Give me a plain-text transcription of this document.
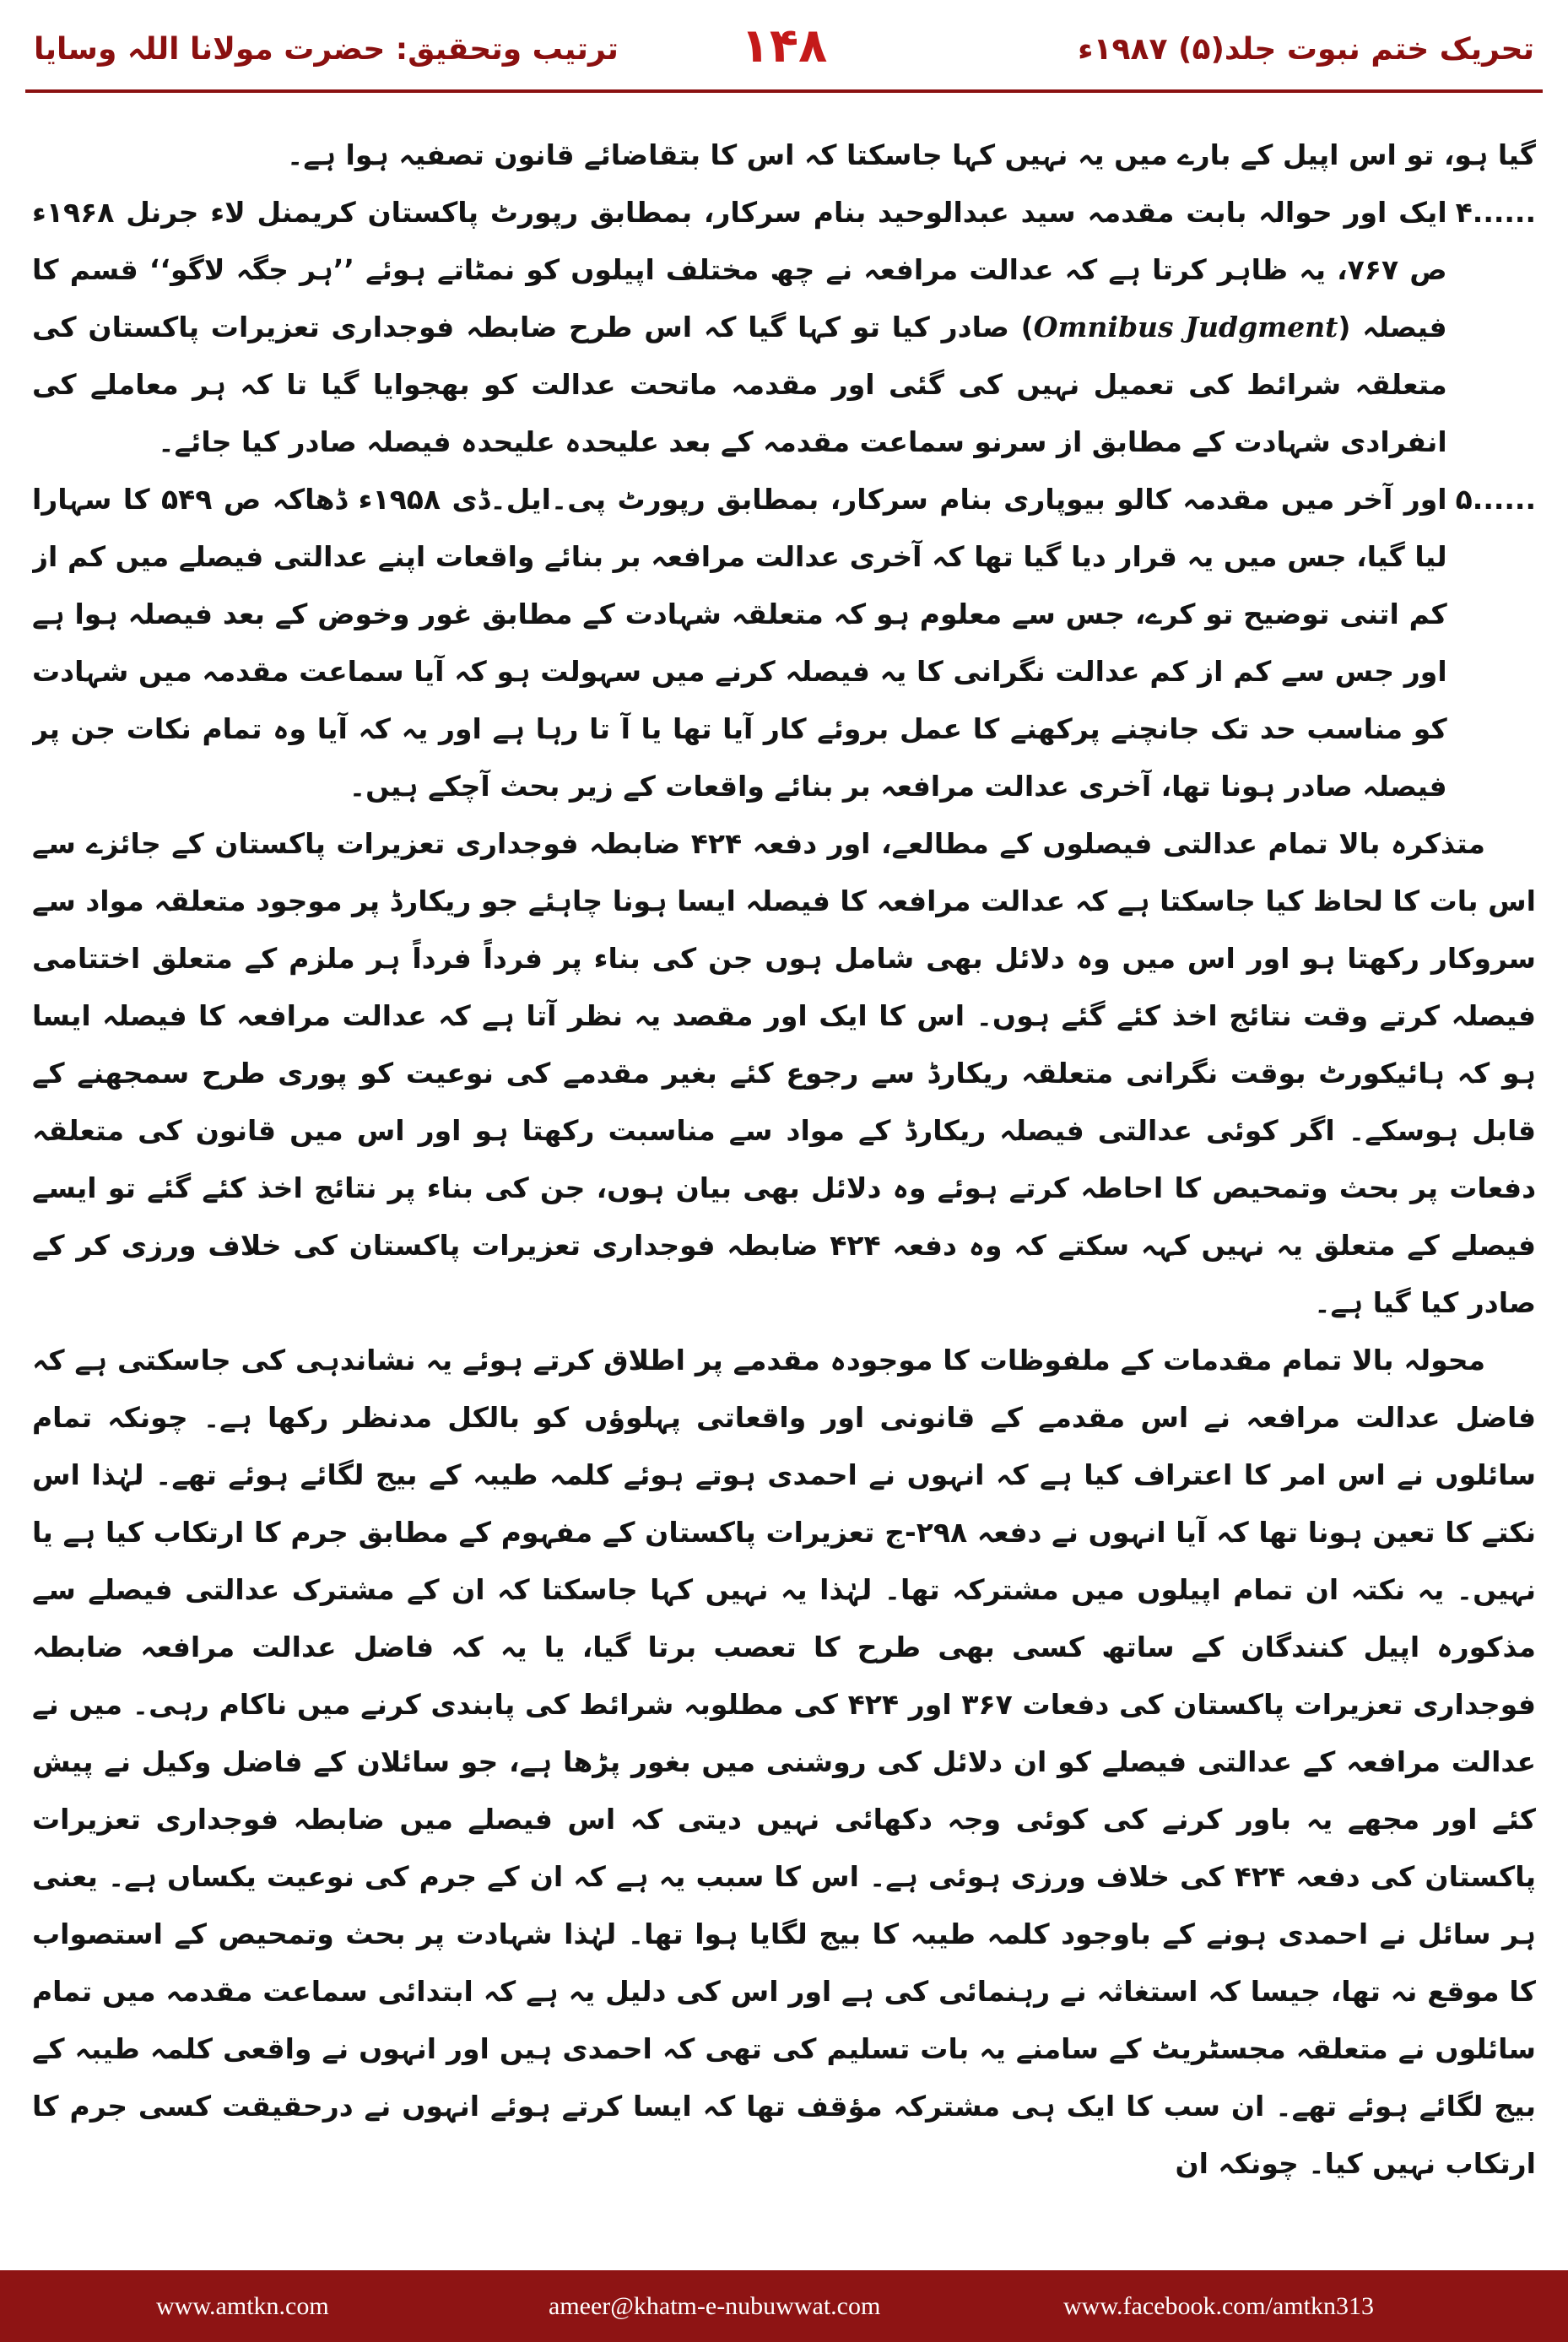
تحریک ختم نبوت جلد(۵) ۱۹۸۷ء
۱۴۸
ترتیب وتحقیق: حضرت مولانا اللہ وسایا

گیا ہو، تو اس اپیل کے بارے میں یہ نہیں کہا جاسکتا کہ اس کا بتقاضائے قانون تصفیہ ہوا ہے۔

۴......

ایک اور حوالہ بابت مقدمہ سید عبدالوحید بنام سرکار، بمطابق رپورٹ پاکستان کریمنل لاء جرنل ۱۹۶۸ء ص ۷۶۷، یہ ظاہر کرتا ہے کہ عدالت مرافعہ نے چھ مختلف اپیلوں کو نمٹاتے ہوئے ’’ہر جگہ لاگو‘‘ قسم کا فیصلہ (Omnibus Judgment) صادر کیا تو کہا گیا کہ اس طرح ضابطہ فوجداری تعزیرات پاکستان کی متعلقہ شرائط کی تعمیل نہیں کی گئی اور مقدمہ ماتحت عدالت کو بھجوایا گیا تا کہ ہر معاملے کی انفرادی شہادت کے مطابق از سرنو سماعت مقدمہ کے بعد علیحدہ علیحدہ فیصلہ صادر کیا جائے۔

۵......

اور آخر میں مقدمہ کالو بیوپاری بنام سرکار، بمطابق رپورٹ پی۔ایل۔ڈی ۱۹۵۸ء ڈھاکہ ص ۵۴۹ کا سہارا لیا گیا، جس میں یہ قرار دیا گیا تھا کہ آخری عدالت مرافعہ بر بنائے واقعات اپنے عدالتی فیصلے میں کم از کم اتنی توضیح تو کرے، جس سے معلوم ہو کہ متعلقہ شہادت کے مطابق غور وخوض کے بعد فیصلہ ہوا ہے اور جس سے کم از کم عدالت نگرانی کا یہ فیصلہ کرنے میں سہولت ہو کہ آیا سماعت مقدمہ میں شہادت کو مناسب حد تک جانچنے پرکھنے کا عمل بروئے کار آیا تھا یا آ تا رہا ہے اور یہ کہ آیا وہ تمام نکات جن پر فیصلہ صادر ہونا تھا، آخری عدالت مرافعہ بر بنائے واقعات کے زیر بحث آچکے ہیں۔

متذکرہ بالا تمام عدالتی فیصلوں کے مطالعے، اور دفعہ ۴۲۴ ضابطہ فوجداری تعزیرات پاکستان کے جائزے سے اس بات کا لحاظ کیا جاسکتا ہے کہ عدالت مرافعہ کا فیصلہ ایسا ہونا چاہئے جو ریکارڈ پر موجود متعلقہ مواد سے سروکار رکھتا ہو اور اس میں وہ دلائل بھی شامل ہوں جن کی بناء پر فرداً فرداً ہر ملزم کے متعلق اختتامی فیصلہ کرتے وقت نتائج اخذ کئے گئے ہوں۔ اس کا ایک اور مقصد یہ نظر آتا ہے کہ عدالت مرافعہ کا فیصلہ ایسا ہو کہ ہائیکورٹ بوقت نگرانی متعلقہ ریکارڈ سے رجوع کئے بغیر مقدمے کی نوعیت کو پوری طرح سمجھنے کے قابل ہوسکے۔ اگر کوئی عدالتی فیصلہ ریکارڈ کے مواد سے مناسبت رکھتا ہو اور اس میں قانون کی متعلقہ دفعات پر بحث وتمحیص کا احاطہ کرتے ہوئے وہ دلائل بھی بیان ہوں، جن کی بناء پر نتائج اخذ کئے گئے تو ایسے فیصلے کے متعلق یہ نہیں کہہ سکتے کہ وہ دفعہ ۴۲۴ ضابطہ فوجداری تعزیرات پاکستان کی خلاف ورزی کر کے صادر کیا گیا ہے۔

محولہ بالا تمام مقدمات کے ملفوظات کا موجودہ مقدمے پر اطلاق کرتے ہوئے یہ نشاندہی کی جاسکتی ہے کہ فاضل عدالت مرافعہ نے اس مقدمے کے قانونی اور واقعاتی پہلوؤں کو بالکل مدنظر رکھا ہے۔ چونکہ تمام سائلوں نے اس امر کا اعتراف کیا ہے کہ انہوں نے احمدی ہوتے ہوئے کلمہ طیبہ کے بیج لگائے ہوئے تھے۔ لہٰذا اس نکتے کا تعین ہونا تھا کہ آیا انہوں نے دفعہ ۲۹۸-ج تعزیرات پاکستان کے مفہوم کے مطابق جرم کا ارتکاب کیا ہے یا نہیں۔ یہ نکتہ ان تمام اپیلوں میں مشترکہ تھا۔ لہٰذا یہ نہیں کہا جاسکتا کہ ان کے مشترک عدالتی فیصلے سے مذکورہ اپیل کنندگان کے ساتھ کسی بھی طرح کا تعصب برتا گیا، یا یہ کہ فاضل عدالت مرافعہ ضابطہ فوجداری تعزیرات پاکستان کی دفعات ۳۶۷ اور ۴۲۴ کی مطلوبہ شرائط کی پابندی کرنے میں ناکام رہی۔ میں نے عدالت مرافعہ کے عدالتی فیصلے کو ان دلائل کی روشنی میں بغور پڑھا ہے، جو سائلان کے فاضل وکیل نے پیش کئے اور مجھے یہ باور کرنے کی کوئی وجہ دکھائی نہیں دیتی کہ اس فیصلے میں ضابطہ فوجداری تعزیرات پاکستان کی دفعہ ۴۲۴ کی خلاف ورزی ہوئی ہے۔ اس کا سبب یہ ہے کہ ان کے جرم کی نوعیت یکساں ہے۔ یعنی ہر سائل نے احمدی ہونے کے باوجود کلمہ طیبہ کا بیج لگایا ہوا تھا۔ لہٰذا شہادت پر بحث وتمحیص کے استصواب کا موقع نہ تھا، جیسا کہ استغاثہ نے رہنمائی کی ہے اور اس کی دلیل یہ ہے کہ ابتدائی سماعت مقدمہ میں تمام سائلوں نے متعلقہ مجسٹریٹ کے سامنے یہ بات تسلیم کی تھی کہ احمدی ہیں اور انہوں نے واقعی کلمہ طیبہ کے بیج لگائے ہوئے تھے۔ ان سب کا ایک ہی مشترکہ مؤقف تھا کہ ایسا کرتے ہوئے انہوں نے درحقیقت کسی جرم کا ارتکاب نہیں کیا۔ چونکہ ان

www.amtkn.com	ameer@khatm-e-nubuwwat.com	www.facebook.com/amtkn313
